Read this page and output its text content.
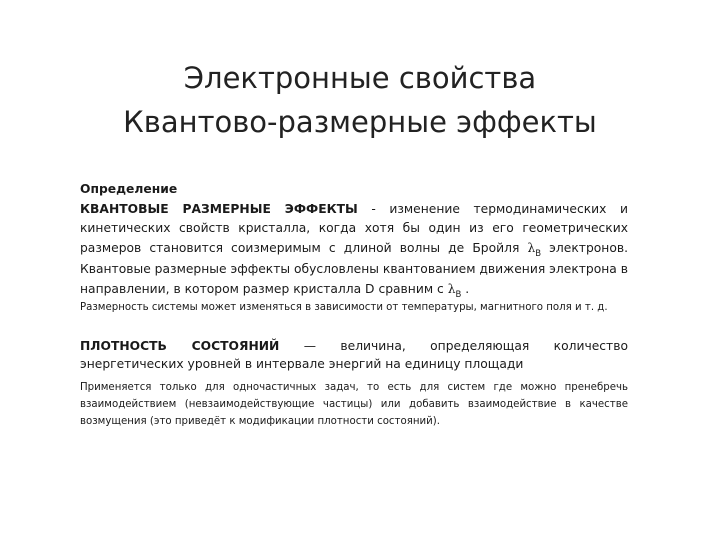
Электронные свойства
Квантово-размерные эффекты
Определение
КВАНТОВЫЕ РАЗМЕРНЫЕ ЭФФЕКТЫ - изменение термодинамических и кинетических свойств кристалла, когда хотя бы один из его геометрических размеров становится соизмеримым с длиной волны де Бройля $\lambda_B$ электронов. Квантовые размерные эффекты обусловлены квантованием движения электрона в направлении, в котором размер кристалла D сравним с $\lambda_B$ .
Размерность системы может изменяться в зависимости от температуры, магнитного поля и т. д.
ПЛОТНОСТЬ СОСТОЯНИЙ — величина, определяющая количество энергетических уровней в интервале энергий на единицу площади
Применяется только для одночастичных задач, то есть для систем где можно пренебречь взаимодействием (невзаимодействующие частицы) или добавить взаимодействие в качестве возмущения (это приведёт к модификации плотности состояний).
